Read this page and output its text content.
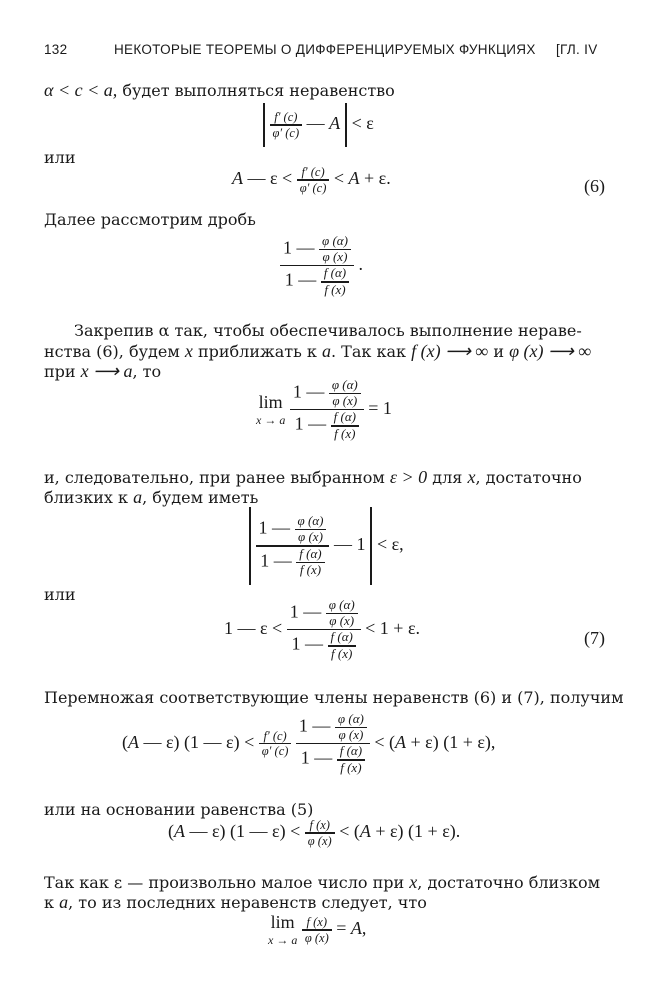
132	НЕКОТОРЫЕ ТЕОРЕМЫ О ДИФФЕРЕНЦИРУЕМЫХ ФУНКЦИЯХ [ГЛ. IV
α < c < a, будет выполняться неравенство
$\frac{f' (c)}{\varphi' (c)}$ — A < ε
или
A — $\varepsilon < \frac{f' (c)}{\varphi' (c)} < A + \varepsilon$.	(6)
Далее рассмотрим дробь
$\frac{1 — \frac{\varphi (\alpha)}{\varphi (x)}}{1 — \frac{f (\alpha)}{f (x)}}$ .
Закрепив α так, чтобы обеспечивалось выполнение нераве‑
нства (6), будем x приближать к a. Так как f (x) ⟶ ∞ и φ (x) ⟶ ∞
при x ⟶ a, то
lim
x → a
$\frac{1 — \frac{\varphi (\alpha)}{\varphi (x)}}{1 — \frac{f (\alpha)}{f (x)}} = 1$
и, следовательно, при ранее выбранном ε > 0 для x, достаточно
близких к a, будем иметь
$\frac{1 — \frac{\varphi (\alpha)}{\varphi (x)}}{1 — \frac{f (\alpha)}{f (x)}}$ — 1 < ε,
или
1 — $\varepsilon < \frac{1 — \frac{\varphi (\alpha)}{\varphi (x)}}{1 — \frac{f (\alpha)}{f (x)}} < 1 + \varepsilon$.
(7)
Перемножая соответствующие члены неравенств (6) и (7), получим
(A — ε) (1 — $\varepsilon) < \frac{f' (c)}{\varphi' (c)}$
$\frac{1 — \frac{\varphi (\alpha)}{\varphi (x)}}{1 — \frac{f (\alpha)}{f (x)}} < (A + \varepsilon) (1 + \varepsilon)$,
или на основании равенства (5)
(A — ε) (1 — $\varepsilon) < \frac{f (x)}{\varphi (x)} < (A + \varepsilon) (1 + \varepsilon)$.
Так как ε — произвольно малое число при x, достаточно близком
к a, то из последних неравенств следует, что
lim
x → a
$\frac{f (x)}{\varphi (x)} = A$,
